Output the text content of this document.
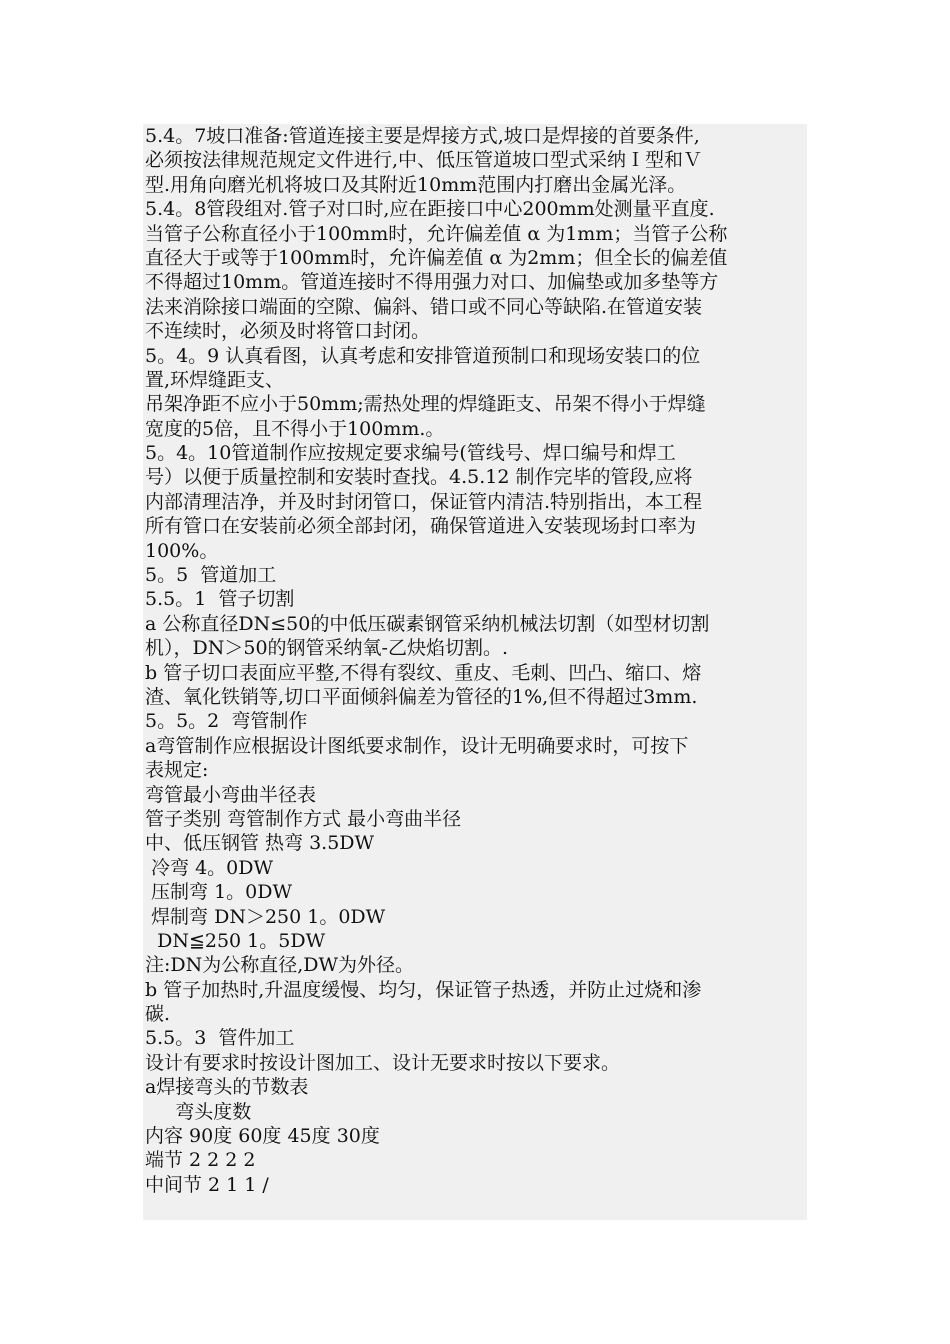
5.4。7坡口准备:管道连接主要是焊接方式,坡口是焊接的首要条件,
必须按法律规范规定文件进行,中、低压管道坡口型式采纳Ｉ型和Ｖ
型.用角向磨光机将坡口及其附近10mm范围内打磨出金属光泽。
5.4。8管段组对.管子对口时,应在距接口中心200mm处测量平直度.
当管子公称直径小于100mm时，允许偏差值 α 为1mm；当管子公称
直径大于或等于100mm时，允许偏差值 α 为2mm；但全长的偏差值
不得超过10mm。管道连接时不得用强力对口、加偏垫或加多垫等方
法来消除接口端面的空隙、偏斜、错口或不同心等缺陷.在管道安装
不连续时，必须及时将管口封闭。
5。4。9 认真看图，认真考虑和安排管道预制口和现场安装口的位
置,环焊缝距支、
吊架净距不应小于50mm;需热处理的焊缝距支、吊架不得小于焊缝
宽度的5倍，且不得小于100mm.。
5。4。10管道制作应按规定要求编号(管线号、焊口编号和焊工
号）以便于质量控制和安装时查找。4.5.12 制作完毕的管段,应将
内部清理洁净，并及时封闭管口，保证管内清洁.特别指出，本工程
所有管口在安装前必须全部封闭，确保管道进入安装现场封口率为
100%。
5。5  管道加工
5.5。1  管子切割
a 公称直径DN≤50的中低压碳素钢管采纳机械法切割（如型材切割
机），DN＞50的钢管采纳氧-乙炔焰切割。.
b 管子切口表面应平整,不得有裂纹、重皮、毛刺、凹凸、缩口、熔
渣、氧化铁销等,切口平面倾斜偏差为管径的1%,但不得超过3mm.
5。5。2  弯管制作
a弯管制作应根据设计图纸要求制作，设计无明确要求时，可按下
表规定:
弯管最小弯曲半径表
管子类别 弯管制作方式 最小弯曲半径
中、低压钢管 热弯 3.5DW
冷弯 4。0DW
压制弯 1。0DW
焊制弯 DN＞250 1。0DW
DN≦250 1。5DW
注:DN为公称直径,DW为外径。
b 管子加热时,升温度缓慢、均匀，保证管子热透，并防止过烧和渗
碳.
5.5。3  管件加工
设计有要求时按设计图加工、设计无要求时按以下要求。
a焊接弯头的节数表
弯头度数
内容 90度 60度 45度 30度
端节 2 2 2 2
中间节 2 1 1 /
